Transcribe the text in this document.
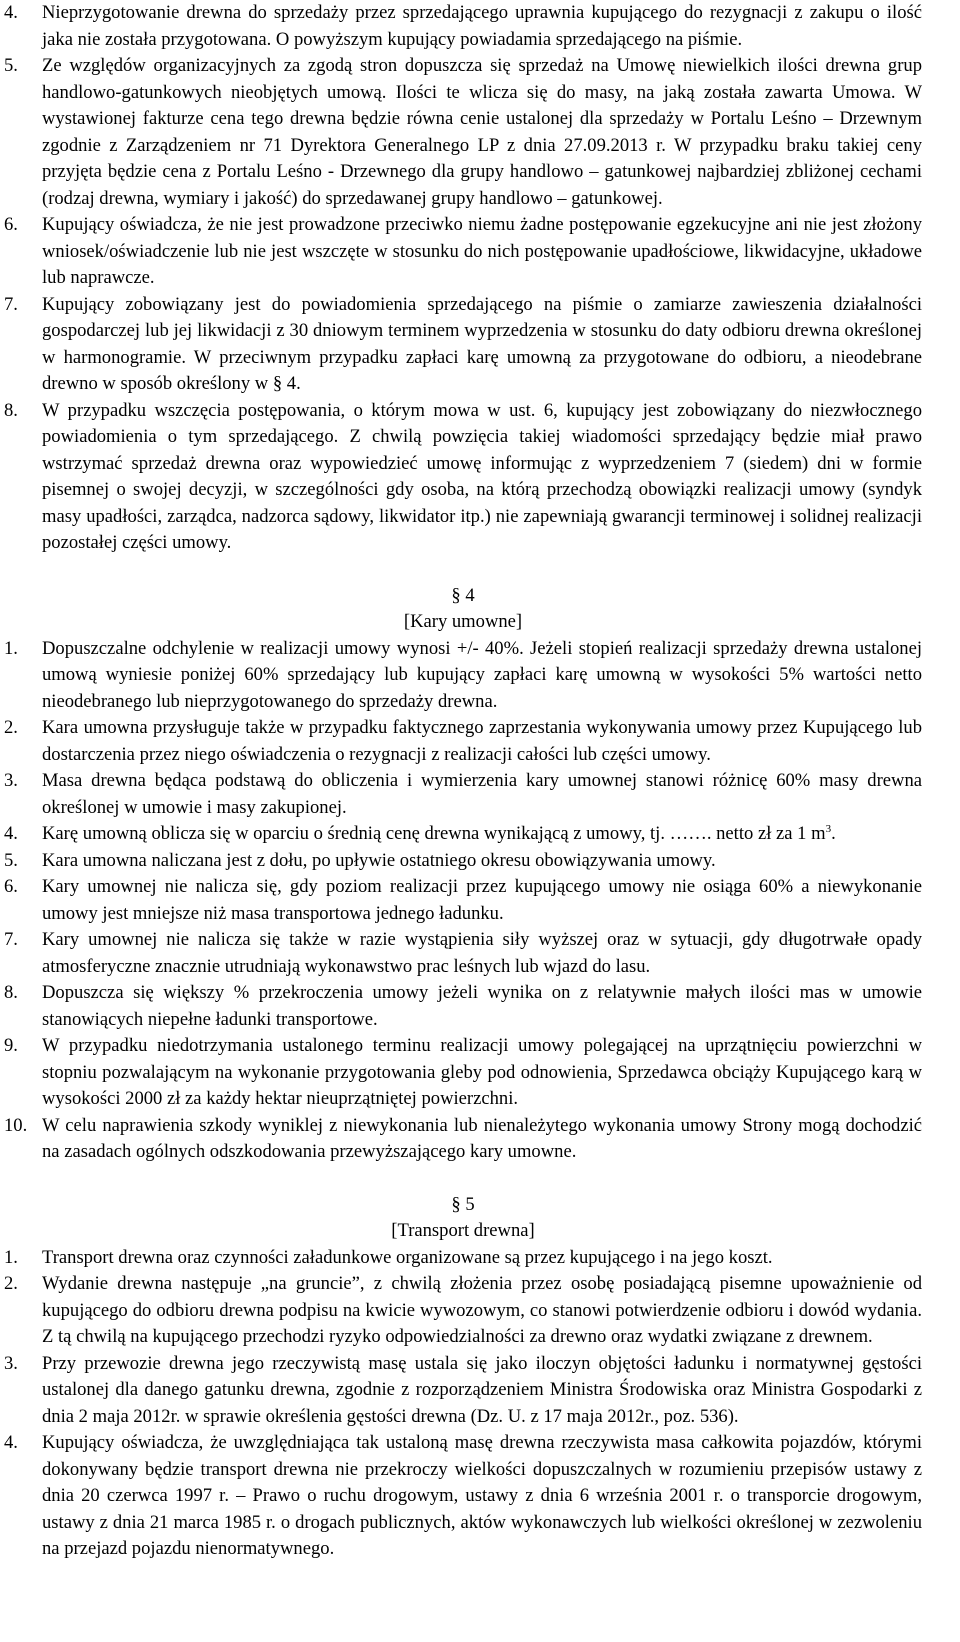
4. Nieprzygotowanie drewna do sprzedaży przez sprzedającego uprawnia kupującego do rezygnacji z zakupu o ilość jaka nie została przygotowana. O powyższym kupujący powiadamia sprzedającego na piśmie.
5. Ze względów organizacyjnych za zgodą stron dopuszcza się sprzedaż na Umowę niewielkich ilości drewna grup handlowo-gatunkowych nieobjętych umową. Ilości te wlicza się do masy, na jaką została zawarta Umowa. W wystawionej fakturze cena tego drewna będzie równa cenie ustalonej dla sprzedaży w Portalu Leśno – Drzewnym zgodnie z Zarządzeniem nr 71 Dyrektora Generalnego LP z dnia 27.09.2013 r. W przypadku braku takiej ceny przyjęta będzie cena z Portalu Leśno - Drzewnego dla grupy handlowo – gatunkowej najbardziej zbliżonej cechami (rodzaj drewna, wymiary i jakość) do sprzedawanej grupy handlowo – gatunkowej.
6. Kupujący oświadcza, że nie jest prowadzone przeciwko niemu żadne postępowanie egzekucyjne ani nie jest złożony wniosek/oświadczenie lub nie jest wszczęte w stosunku do nich postępowanie upadłościowe, likwidacyjne, układowe lub naprawcze.
7. Kupujący zobowiązany jest do powiadomienia sprzedającego na piśmie o zamiarze zawieszenia działalności gospodarczej lub jej likwidacji z 30 dniowym terminem wyprzedzenia w stosunku do daty odbioru drewna określonej w harmonogramie. W przeciwnym przypadku zapłaci karę umowną za przygotowane do odbioru, a nieodebrane drewno w sposób określony w § 4.
8. W przypadku wszczęcia postępowania, o którym mowa w ust. 6, kupujący jest zobowiązany do niezwłocznego powiadomienia o tym sprzedającego. Z chwilą powzięcia takiej wiadomości sprzedający będzie miał prawo wstrzymać sprzedaż drewna oraz wypowiedzieć umowę informując z wyprzedzeniem 7 (siedem) dni w formie pisemnej o swojej decyzji, w szczególności gdy osoba, na którą przechodzą obowiązki realizacji umowy (syndyk masy upadłości, zarządca, nadzorca sądowy, likwidator itp.) nie zapewniają gwarancji terminowej i solidnej realizacji pozostałej części umowy.
§ 4
[Kary umowne]
1. Dopuszczalne odchylenie w realizacji umowy wynosi +/- 40%. Jeżeli stopień realizacji sprzedaży drewna ustalonej umową wyniesie poniżej 60% sprzedający lub kupujący zapłaci karę umowną w wysokości 5% wartości netto nieodebranego lub nieprzygotowanego do sprzedaży drewna.
2. Kara umowna przysługuje także w przypadku faktycznego zaprzestania wykonywania umowy przez Kupującego lub dostarczenia przez niego oświadczenia o rezygnacji z realizacji całości lub części umowy.
3. Masa drewna będąca podstawą do obliczenia i wymierzenia kary umownej stanowi różnicę 60% masy drewna określonej w umowie i masy zakupionej.
4. Karę umowną oblicza się w oparciu o średnią cenę drewna wynikającą z umowy, tj. ……. netto zł za 1 $m^3$.
5. Kara umowna naliczana jest z dołu, po upływie ostatniego okresu obowiązywania umowy.
6. Kary umownej nie nalicza się, gdy poziom realizacji przez kupującego umowy nie osiąga 60% a niewykonanie umowy jest mniejsze niż masa transportowa jednego ładunku.
7. Kary umownej nie nalicza się także w razie wystąpienia siły wyższej oraz w sytuacji, gdy długotrwałe opady atmosferyczne znacznie utrudniają wykonawstwo prac leśnych lub wjazd do lasu.
8. Dopuszcza się większy % przekroczenia umowy jeżeli wynika on z relatywnie małych ilości mas w umowie stanowiących niepełne ładunki transportowe.
9. W przypadku niedotrzymania ustalonego terminu realizacji umowy polegającej na uprzątnięciu powierzchni w stopniu pozwalającym na wykonanie przygotowania gleby pod odnowienia, Sprzedawca obciąży Kupującego karą w wysokości 2000 zł za każdy hektar nieuprzątniętej powierzchni.
10. W celu naprawienia szkody wyniklej z niewykonania lub nienależytego wykonania umowy Strony mogą dochodzić na zasadach ogólnych odszkodowania przewyższającego kary umowne.
§ 5
[Transport drewna]
1. Transport drewna oraz czynności załadunkowe organizowane są przez kupującego i na jego koszt.
2. Wydanie drewna następuje „na gruncie”, z chwilą złożenia przez osobę posiadającą pisemne upoważnienie od kupującego do odbioru drewna podpisu na kwicie wywozowym, co stanowi potwierdzenie odbioru i dowód wydania. Z tą chwilą na kupującego przechodzi ryzyko odpowiedzialności za drewno oraz wydatki związane z drewnem.
3. Przy przewozie drewna jego rzeczywistą masę ustala się jako iloczyn objętości ładunku i normatywnej gęstości ustalonej dla danego gatunku drewna, zgodnie z rozporządzeniem Ministra Środowiska oraz Ministra Gospodarki z dnia 2 maja 2012r. w sprawie określenia gęstości drewna (Dz. U. z 17 maja 2012r., poz. 536).
4. Kupujący oświadcza, że uwzględniająca tak ustaloną masę drewna rzeczywista masa całkowita pojazdów, którymi dokonywany będzie transport drewna nie przekroczy wielkości dopuszczalnych w rozumieniu przepisów ustawy z dnia 20 czerwca 1997 r. – Prawo o ruchu drogowym, ustawy z dnia 6 września 2001 r. o transporcie drogowym, ustawy z dnia 21 marca 1985 r. o drogach publicznych, aktów wykonawczych lub wielkości określonej w zezwoleniu na przejazd pojazdu nienormatywnego.
